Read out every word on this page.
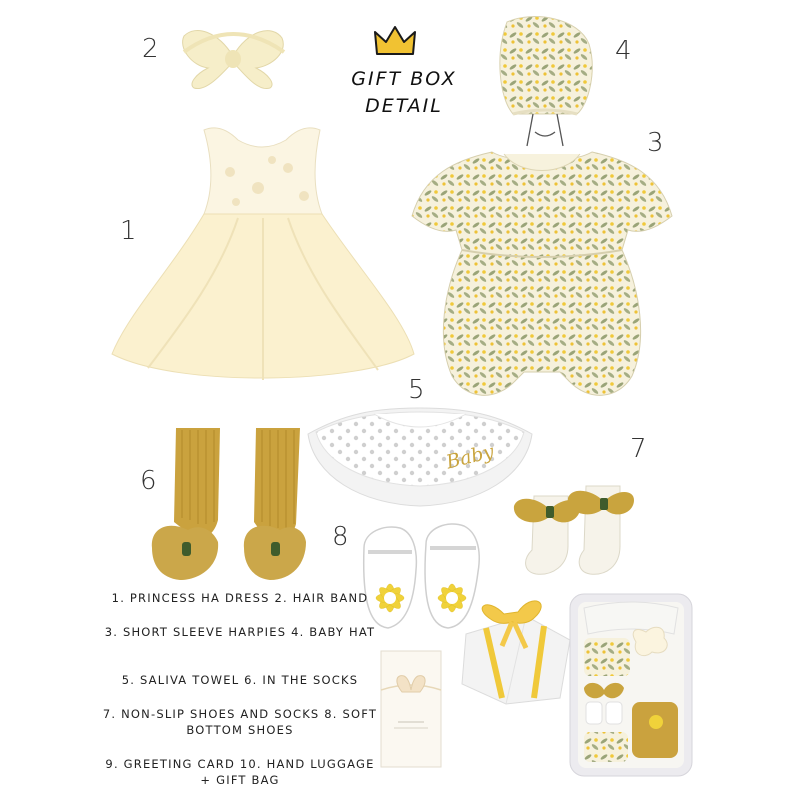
GIFT BOX
DETAIL
2	4
3
1
5
7
6
8
Baby
1. PRINCESS HA DRESS 2. HAIR BAND
3. SHORT SLEEVE HARPIES 4. BABY HAT
5. SALIVA TOWEL 6. IN THE SOCKS
7. NON-SLIP SHOES AND SOCKS 8. SOFT BOTTOM SHOES
9. GREETING CARD 10. HAND LUGGAGE + GIFT BAG
